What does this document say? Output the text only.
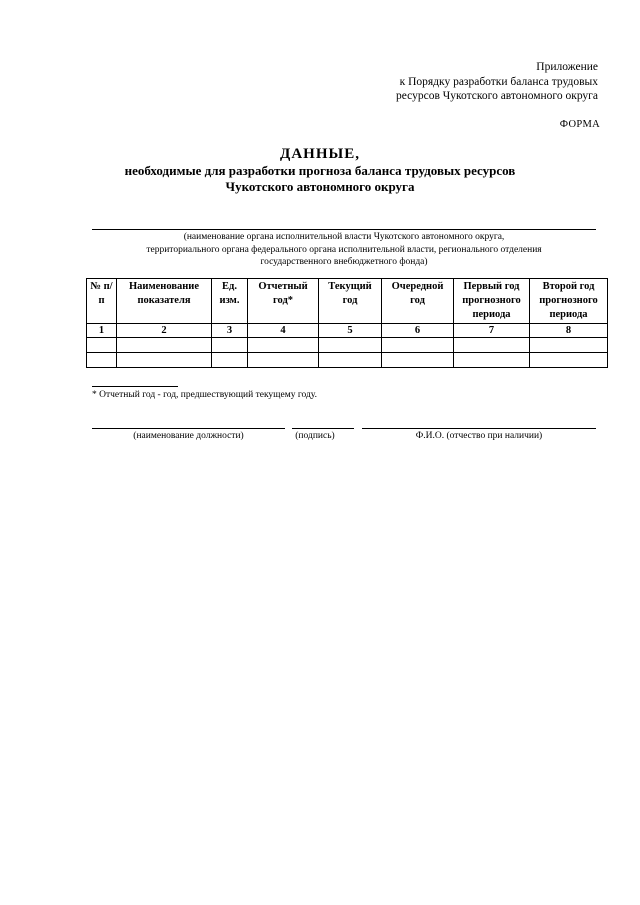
Приложение
к Порядку разработки баланса трудовых
ресурсов Чукотского автономного округа
ФОРМА
ДАННЫЕ,
необходимые для разработки прогноза баланса трудовых ресурсов
Чукотского автономного округа
(наименование органа исполнительной власти Чукотского автономного округа,
территориального органа федерального органа исполнительной власти, регионального отделения
государственного внебюджетного фонда)
№ п/п	Наименование показателя	Ед. изм.	Отчетный год*	Текущий год	Очередной год	Первый год прогнозного периода	Второй год прогнозного периода
1	2	3	4	5	6	7	8

* Отчетный год - год, предшествующий текущему году.
(наименование должности)	(подпись)	Ф.И.О. (отчество при наличии)
